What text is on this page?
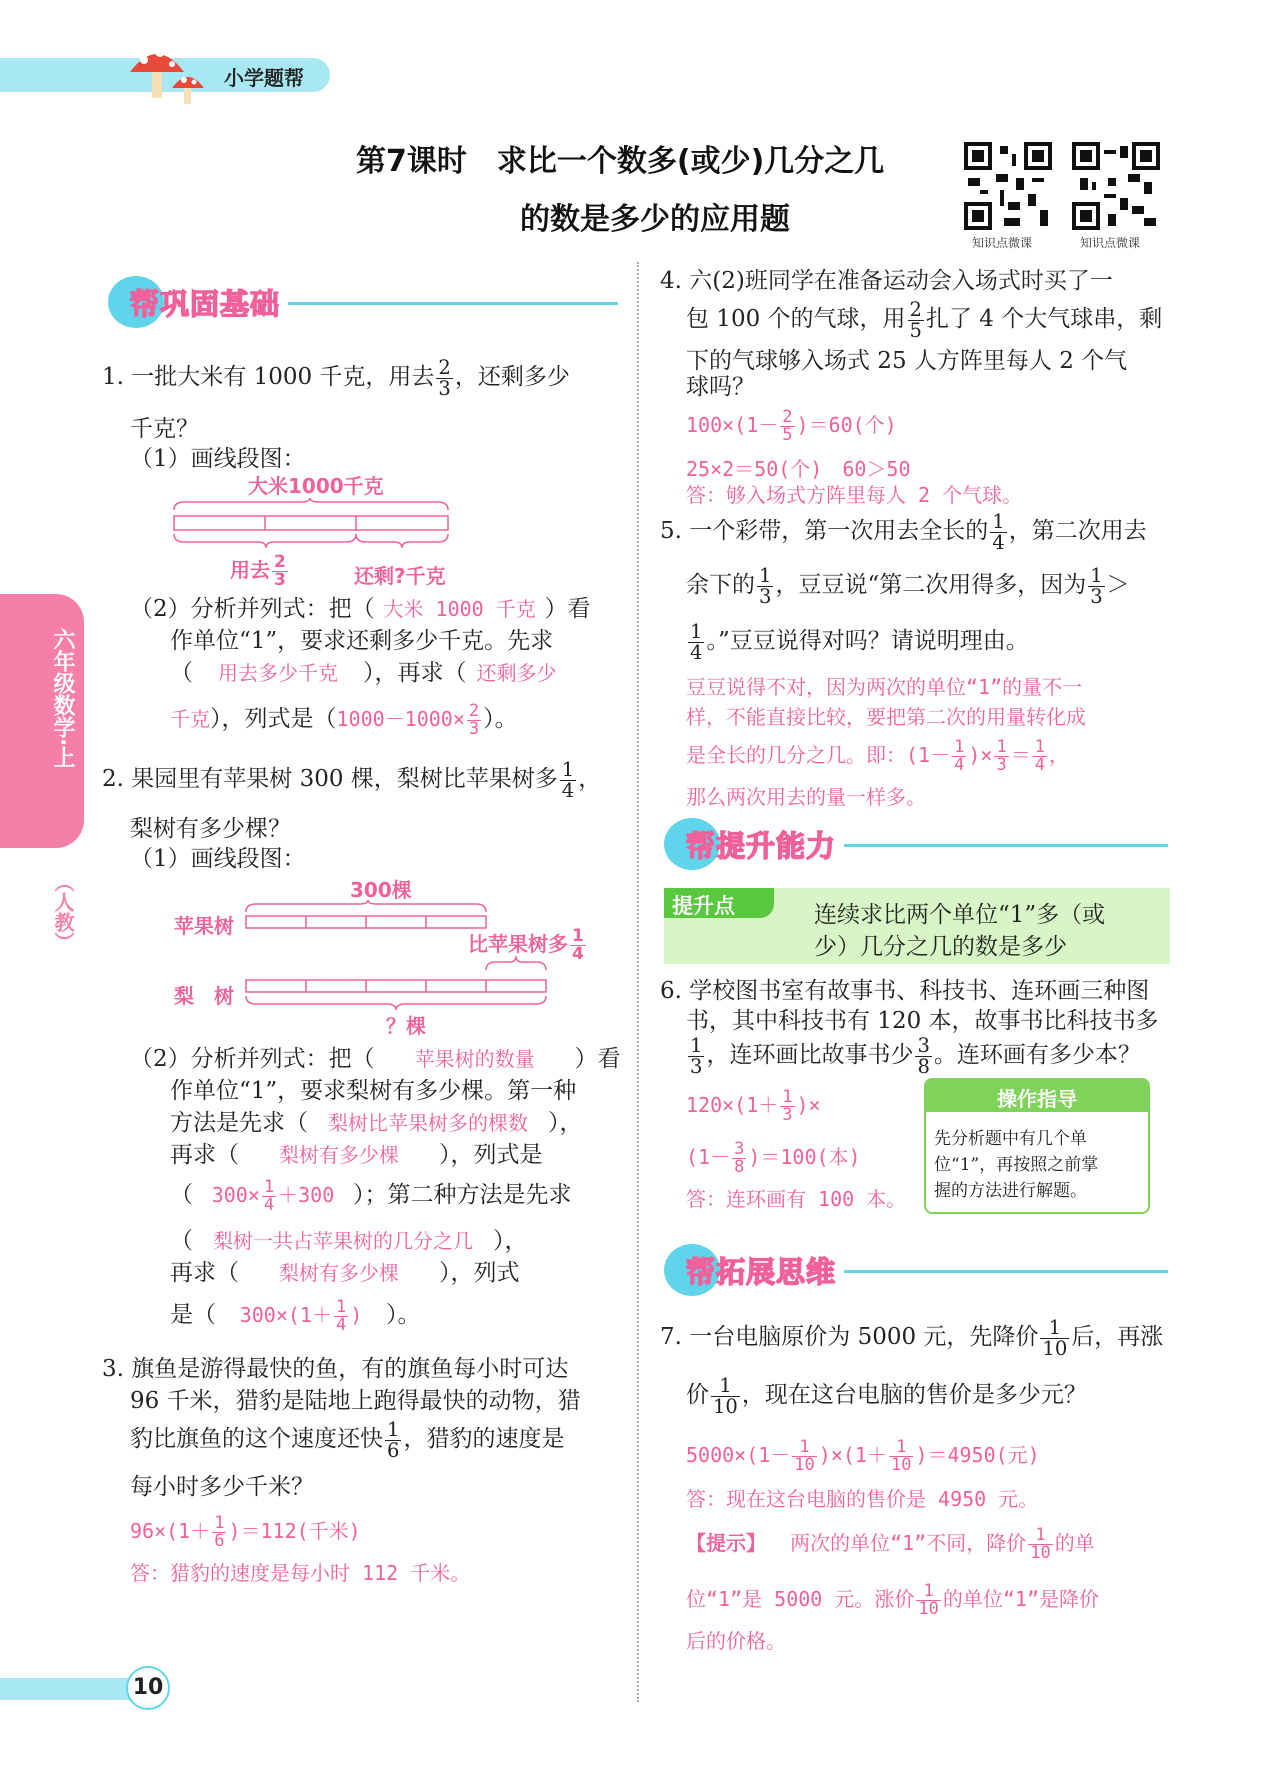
小学题帮
第7课时　求比一个数多(或少)几分之几
的数是多少的应用题
知识点微课	知识点微课
六年级数学·上
（人教）
帮巩固基础
1. 一批大米有 1000 千克，用去 $\frac{2}{3}$ ，还剩多少
千克？
（1）画线段图：
大米1000千克
用去 $\frac{2}{3}$	还剩?千克
（2）分析并列式：把（ 大米 1000 千克 ）看
作单位“1”，要求还剩多少千克。先求
（ 用去多少千克 ），再求（ 还剩多少
千克），列式是（$1000-1000\times \frac{2}{3}$ ）。
2. 果园里有苹果树 300 棵，梨树比苹果树多 $\frac{1}{4}$ ，
梨树有多少棵？
（1）画线段图：
300棵
苹果树
比苹果树多 $\frac{1}{4}$
梨　树
？棵
（2）分析并列式：把（ 苹果树的数量 ）看
作单位“1”，要求梨树有多少棵。第一种
方法是先求（ 梨树比苹果树多的棵数 ），
再求（ 梨树有多少棵 ），列式是
（ $300\times \frac{1}{4} +300$ ）；第二种方法是先求
（ 梨树一共占苹果树的几分之几 ），
再求（ 梨树有多少棵 ），列式
是（ $300\times(1+ \frac{1}{4}$ ) ）。
3. 旗鱼是游得最快的鱼，有的旗鱼每小时可达
96 千米，猎豹是陆地上跑得最快的动物，猎
豹比旗鱼的这个速度还快 $\frac{1}{6}$ ，猎豹的速度是
每小时多少千米？
$96\times(1+ \frac{1}{6} )=112$(千米)
答：猎豹的速度是每小时 112 千米。
4. 六(2)班同学在准备运动会入场式时买了一
包 100 个的气球，用 $\frac{2}{5}$ 扎了 4 个大气球串，剩
下的气球够入场式 25 人方阵里每人 2 个气
球吗？
$100\times(1- \frac{2}{5} )=60$(个)
25×2＝50(个)　60＞50
答：够入场式方阵里每人 2 个气球。
5. 一个彩带，第一次用去全长的 $\frac{1}{4}$ ，第二次用去
余下的 $\frac{1}{3}$ ，豆豆说“第二次用得多，因为 $\frac{1}{3}$ ＞
$\frac{1}{4}$ 。”豆豆说得对吗？请说明理由。
豆豆说得不对，因为两次的单位“1”的量不一
样，不能直接比较，要把第二次的用量转化成
是全长的几分之几。即：($1- \frac{1}{4}$ )× $\frac{1}{3} = \frac{1}{4}$ ，
那么两次用去的量一样多。
帮提升能力
提升点 ✎ 连续求比两个单位“1”多（或
少）几分之几的数是多少
6. 学校图书室有故事书、科技书、连环画三种图
书，其中科技书有 120 本，故事书比科技书多
$\frac{1}{3}$ ，连环画比故事书少 $\frac{3}{8}$ 。连环画有多少本？
$120\times(1+ \frac{1}{3}$ )×
$(1- \frac{3}{8} )=100$(本)
答：连环画有 100 本。
操作指导
先分析题中有几个单
位“1”，再按照之前掌
握的方法进行解题。
帮拓展思维
7. 一台电脑原价为 5000 元，先降价 $\frac{1}{10}$ 后，再涨
价 $\frac{1}{10}$ ，现在这台电脑的售价是多少元？
$5000\times(1- \frac{1}{10} )\times(1+ \frac{1}{10} )=4950$(元)
答：现在这台电脑的售价是 4950 元。
【提示】 两次的单位“1”不同，降价 $\frac{1}{10}$ 的单
位“1”是 5000 元。涨价 $\frac{1}{10}$ 的单位“1”是降价
后的价格。
10
